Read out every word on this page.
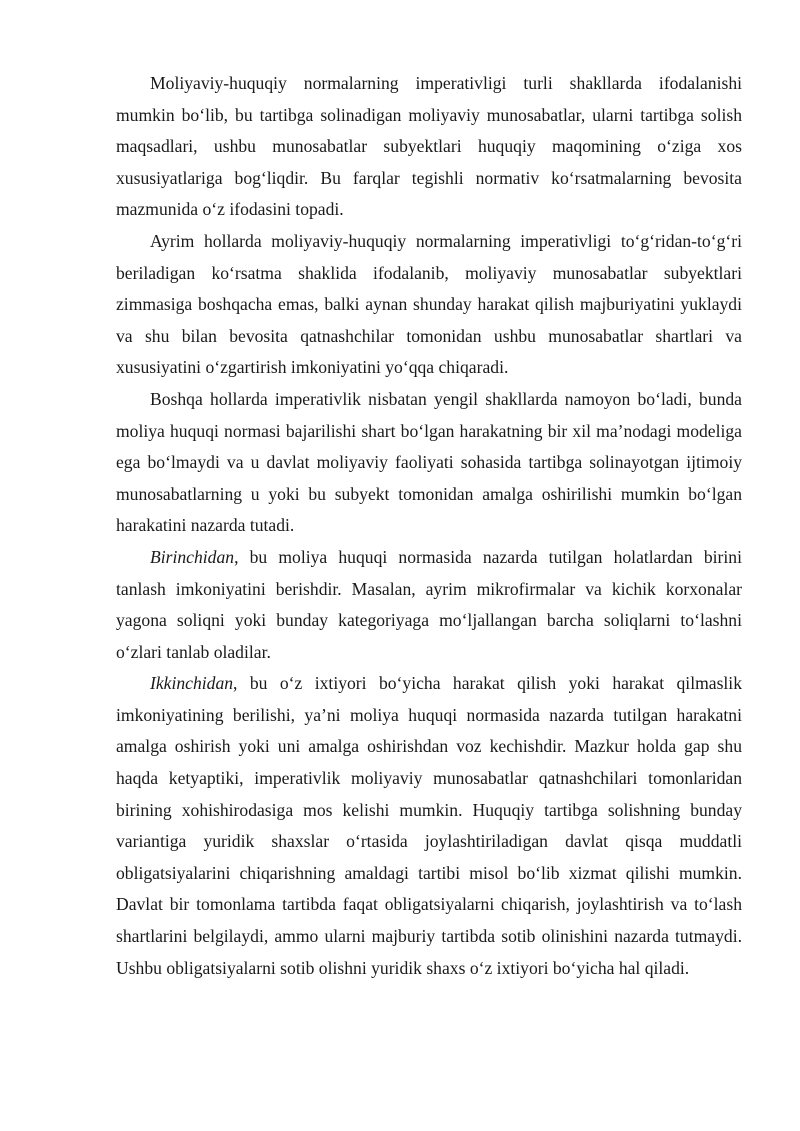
Moliyaviy-huquqiy normalarning imperativligi turli shakllarda ifodalanishi mumkin boʻlib, bu tartibga solinadigan moliyaviy munosabatlar, ularni tartibga solish maqsadlari, ushbu munosabatlar subyektlari huquqiy maqomining oʻziga xos xususiyatlariga bogʻliqdir. Bu farqlar tegishli normativ koʻrsatmalarning bevosita mazmunida oʻz ifodasini topadi.

Ayrim hollarda moliyaviy-huquqiy normalarning imperativligi toʻgʻridan-toʻgʻri beriladigan koʻrsatma shaklida ifodalanib, moliyaviy munosabatlar subyektlari zimmasiga boshqacha emas, balki aynan shunday harakat qilish majburiyatini yuklaydi va shu bilan bevosita qatnashchilar tomonidan ushbu munosabatlar shartlari va xususiyatini oʻzgartirish imkoniyatini yoʻqqa chiqaradi.

Boshqa hollarda imperativlik nisbatan yengil shakllarda namoyon boʻladi, bunda moliya huquqi normasi bajarilishi shart boʻlgan harakatning bir xil maʼnodagi modeliga ega boʻlmaydi va u davlat moliyaviy faoliyati sohasida tartibga solinayotgan ijtimoiy munosabatlarning u yoki bu subyekt tomonidan amalga oshirilishi mumkin boʻlgan harakatini nazarda tutadi.

Birinchidan, bu moliya huquqi normasida nazarda tutilgan holatlardan birini tanlash imkoniyatini berishdir. Masalan, ayrim mikrofirmalar va kichik korxonalar yagona soliqni yoki bunday kategoriyaga moʻljallangan barcha soliqlarni toʻlashni oʻzlari tanlab oladilar.

Ikkinchidan, bu oʻz ixtiyori boʻyicha harakat qilish yoki harakat qilmaslik imkoniyatining berilishi, yaʼni moliya huquqi normasida nazarda tutilgan harakatni amalga oshirish yoki uni amalga oshirishdan voz kechishdir. Mazkur holda gap shu haqda ketyaptiki, imperativlik moliyaviy munosabatlar qatnashchilari tomonlaridan birining xohishirodasiga mos kelishi mumkin. Huquqiy tartibga solishning bunday variantiga yuridik shaxslar oʻrtasida joylashtiriladigan davlat qisqa muddatli obligatsiyalarini chiqarishning amaldagi tartibi misol boʻlib xizmat qilishi mumkin. Davlat bir tomonlama tartibda faqat obligatsiyalarni chiqarish, joylashtirish va toʻlash shartlarini belgilaydi, ammo ularni majburiy tartibda sotib olinishini nazarda tutmaydi. Ushbu obligatsiyalarni sotib olishni yuridik shaxs oʻz ixtiyori boʻyicha hal qiladi.
